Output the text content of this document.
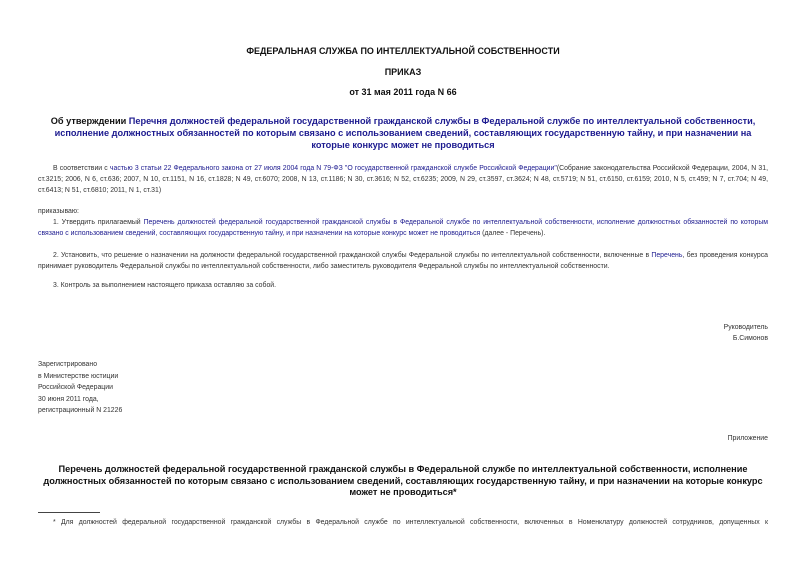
ФЕДЕРАЛЬНАЯ СЛУЖБА ПО ИНТЕЛЛЕКТУАЛЬНОЙ СОБСТВЕННОСТИ
ПРИКАЗ
от 31 мая 2011 года N 66
Об утверждении Перечня должностей федеральной государственной гражданской службы в Федеральной службе по интеллектуальной собственности, исполнение должностных обязанностей по которым связано с использованием сведений, составляющих государственную тайну, и при назначении на которые конкурс может не проводиться
В соответствии с частью 3 статьи 22 Федерального закона от 27 июля 2004 года N 79-ФЗ "О государственной гражданской службе Российской Федерации"(Собрание законодательства Российской Федерации, 2004, N 31, ст.3215; 2006, N 6, ст.636; 2007, N 10, ст.1151, N 16, ст.1828; N 49, ст.6070; 2008, N 13, ст.1186; N 30, ст.3616; N 52, ст.6235; 2009, N 29, ст.3597, ст.3624; N 48, ст.5719; N 51, ст.6150, ст.6159; 2010, N 5, ст.459; N 7, ст.704; N 49, ст.6413; N 51, ст.6810; 2011, N 1, ст.31)
приказываю:
1. Утвердить прилагаемый Перечень должностей федеральной государственной гражданской службы в Федеральной службе по интеллектуальной собственности, исполнение должностных обязанностей по которым связано с использованием сведений, составляющих государственную тайну, и при назначении на которые конкурс может не проводиться (далее - Перечень).
2. Установить, что решение о назначении на должности федеральной государственной гражданской службы Федеральной службы по интеллектуальной собственности, включенные в Перечень, без проведения конкурса принимает руководитель Федеральной службы по интеллектуальной собственности, либо заместитель руководителя Федеральной службы по интеллектуальной собственности.
3. Контроль за выполнением настоящего приказа оставляю за собой.
Руководитель
Б.Симонов
Зарегистрировано
в Министерстве юстиции
Российской Федерации
30 июня 2011 года,
регистрационный N 21226
Приложение
Перечень должностей федеральной государственной гражданской службы в Федеральной службе по интеллектуальной собственности, исполнение должностных обязанностей по которым связано с использованием сведений, составляющих государственную тайну, и при назначении на которые конкурс может не проводиться*
* Для должностей федеральной государственной гражданской службы в Федеральной службе по интеллектуальной собственности, включенных в Номенклатуру должностей сотрудников, допущенных к
